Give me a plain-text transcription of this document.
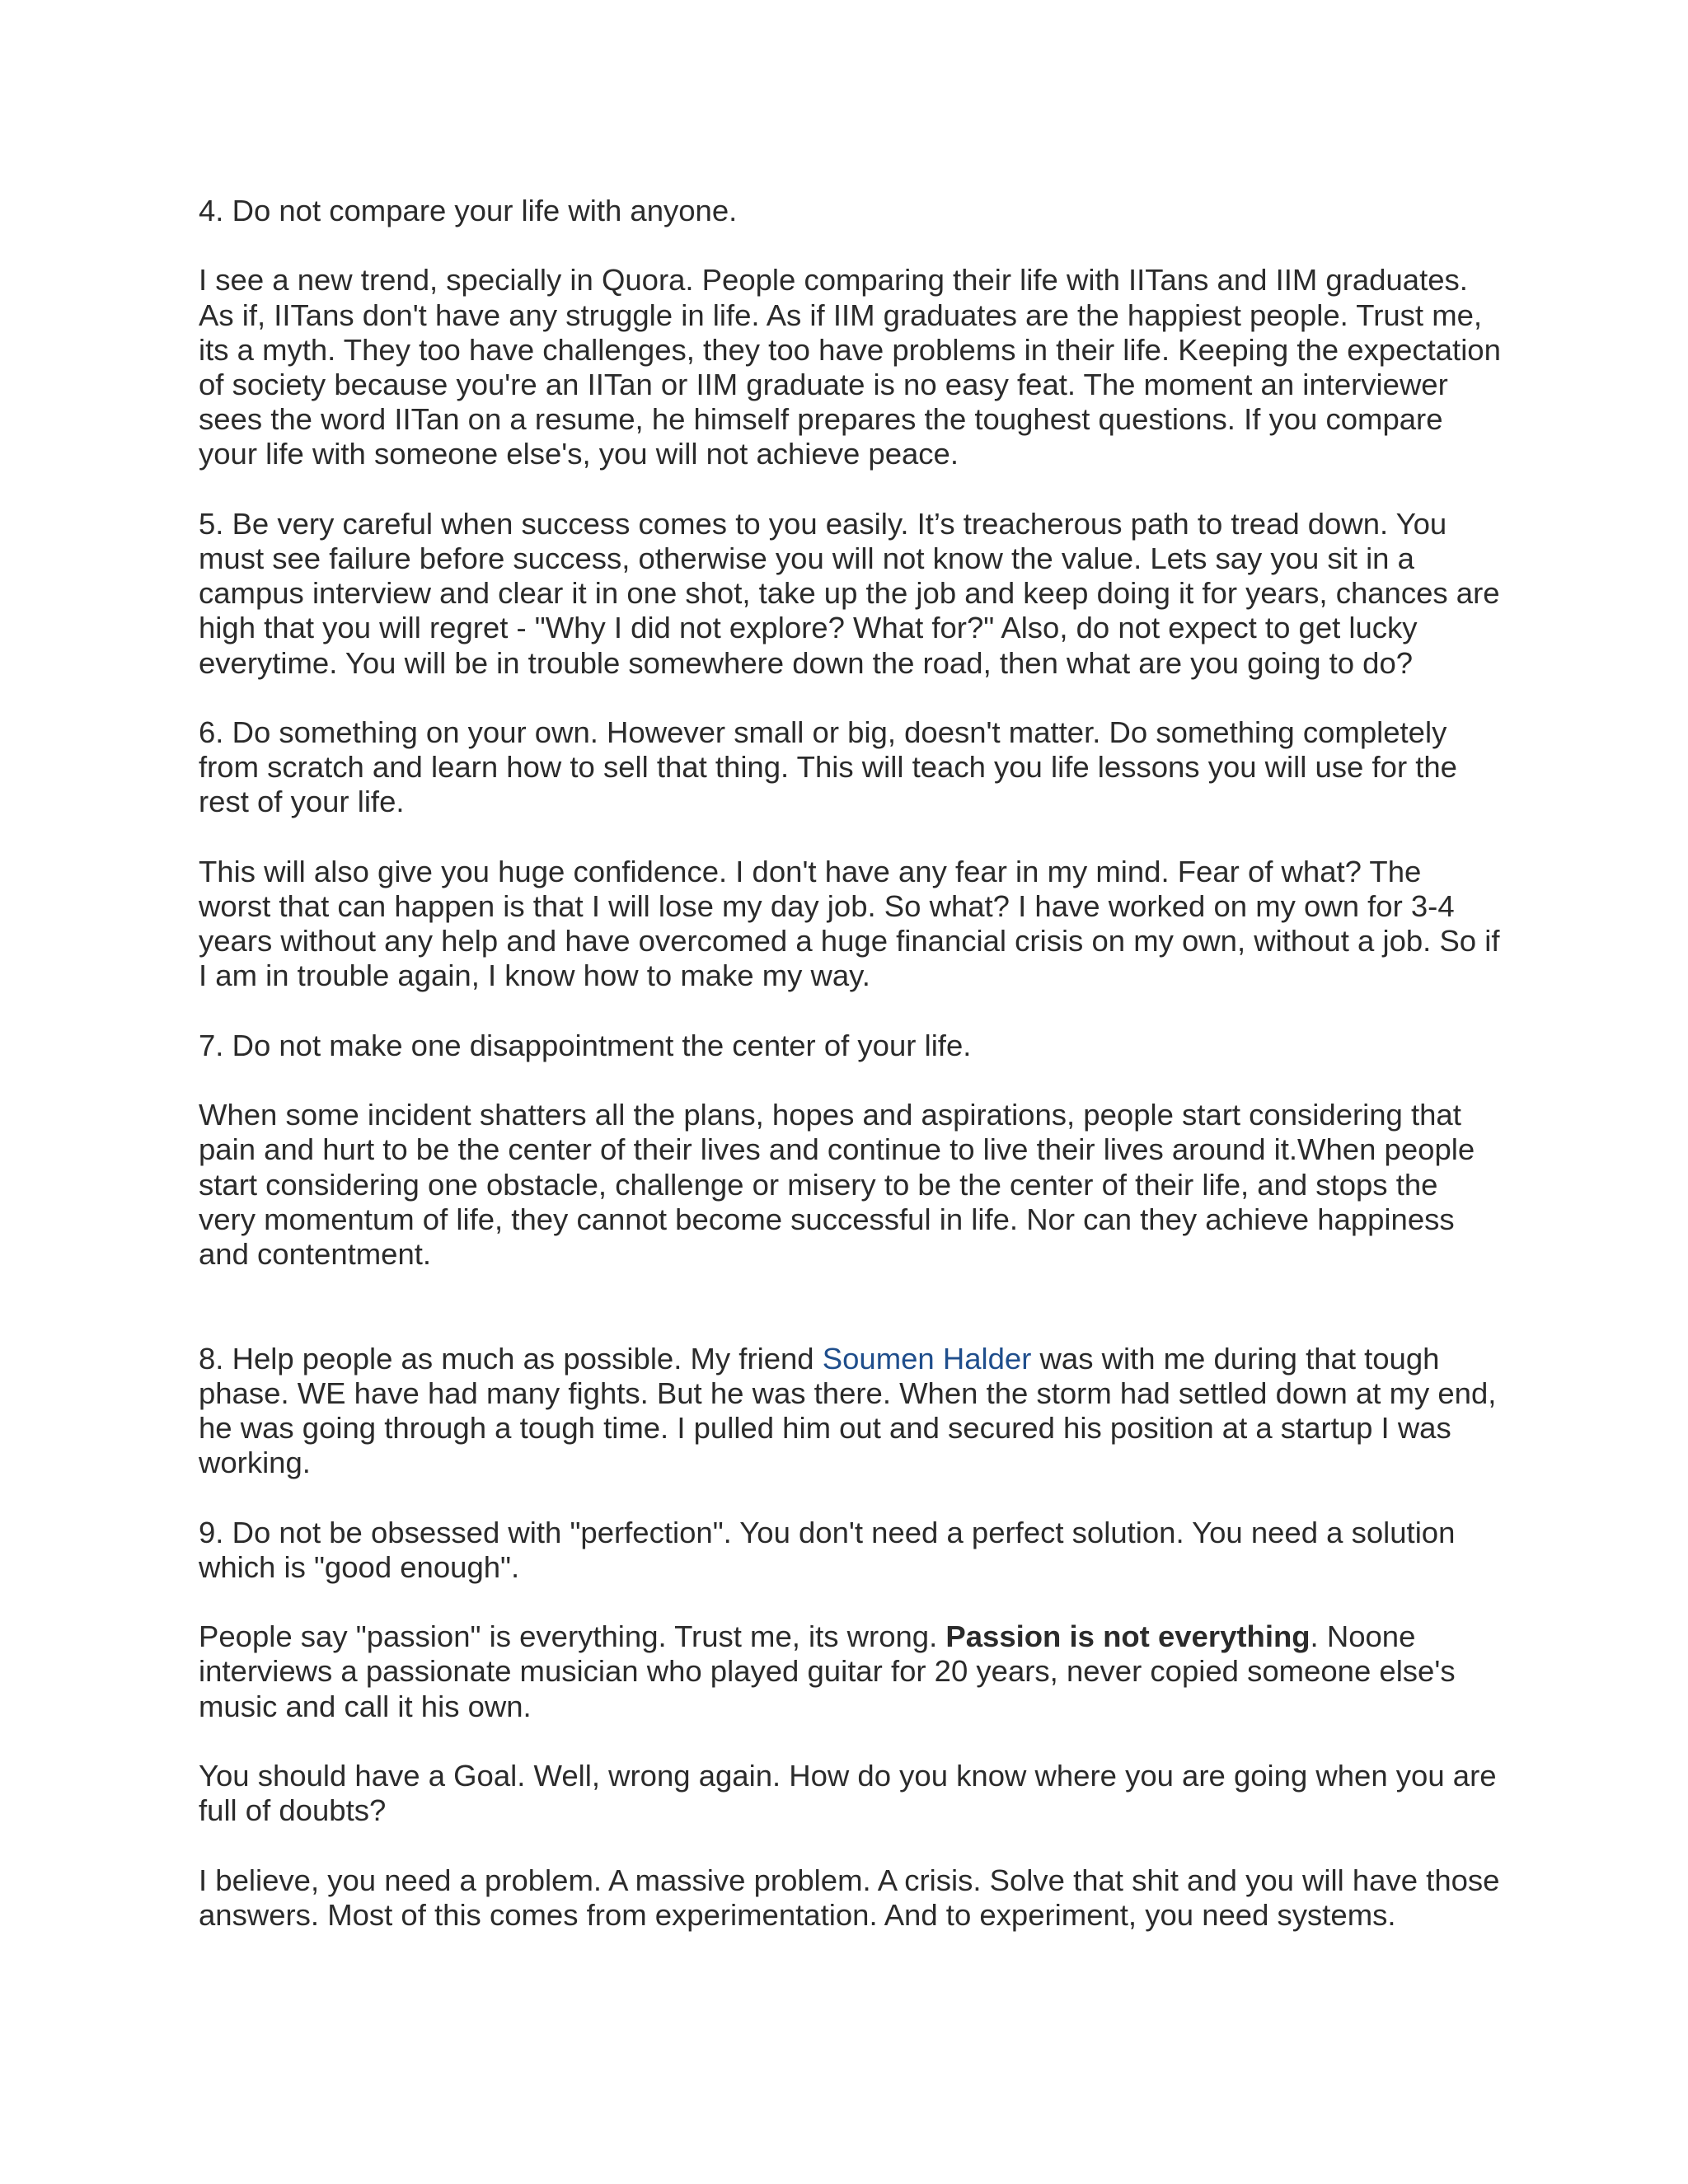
4. Do not compare your life with anyone.

I see a new trend, specially in Quora. People comparing their life with IITans and IIM graduates. As if, IITans don't have any struggle in life. As if IIM graduates are the happiest people. Trust me, its a myth. They too have challenges, they too have problems in their life. Keeping the expectation of society because you're an IITan or IIM graduate is no easy feat. The moment an interviewer sees the word IITan on a resume, he himself prepares the toughest questions. If you compare your life with someone else's, you will not achieve peace.

5. Be very careful when success comes to you easily. It’s treacherous path to tread down. You must see failure before success, otherwise you will not know the value. Lets say you sit in a campus interview and clear it in one shot, take up the job and keep doing it for years, chances are high that you will regret - "Why I did not explore? What for?" Also, do not expect to get lucky everytime. You will be in trouble somewhere down the road, then what are you going to do?

6. Do something on your own. However small or big, doesn't matter. Do something completely from scratch and learn how to sell that thing. This will teach you life lessons you will use for the rest of your life.

This will also give you huge confidence. I don't have any fear in my mind. Fear of what? The worst that can happen is that I will lose my day job. So what? I have worked on my own for 3-4 years without any help and have overcomed a huge financial crisis on my own, without a job. So if I am in trouble again, I know how to make my way.

7. Do not make one disappointment the center of your life.

When some incident shatters all the plans, hopes and aspirations, people start considering that pain and hurt to be the center of their lives and continue to live their lives around it.When people start considering one obstacle, challenge or misery to be the center of their life, and stops the very momentum of life, they cannot become successful in life. Nor can they achieve happiness and contentment.

8. Help people as much as possible. My friend Soumen Halder was with me during that tough phase. WE have had many fights. But he was there. When the storm had settled down at my end, he was going through a tough time. I pulled him out and secured his position at a startup I was working.

9. Do not be obsessed with "perfection". You don't need a perfect solution. You need a solution which is "good enough".

People say "passion" is everything. Trust me, its wrong. Passion is not everything. Noone interviews a passionate musician who played guitar for 20 years, never copied someone else's music and call it his own.

You should have a Goal. Well, wrong again. How do you know where you are going when you are full of doubts?

I believe, you need a problem. A massive problem. A crisis. Solve that shit and you will have those answers. Most of this comes from experimentation. And to experiment, you need systems.
